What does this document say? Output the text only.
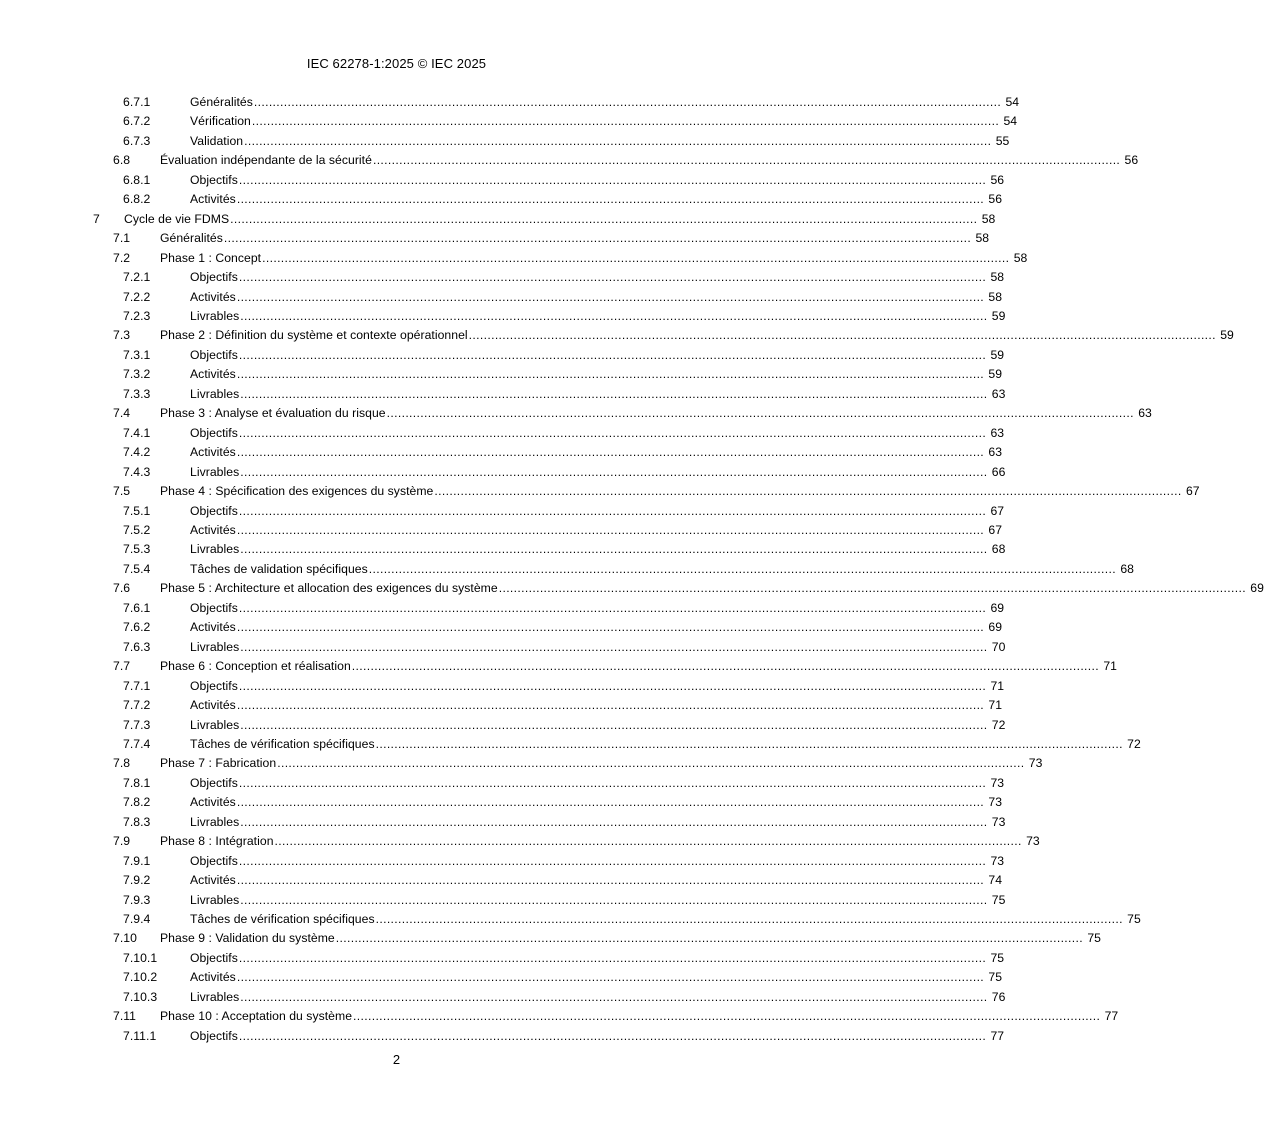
IEC 62278-1:2025 © IEC 2025
6.7.1	Généralités ........................................................................................................................................................................................................ 54
6.7.2	Vérification ........................................................................................................................................................................................................ 54
6.7.3	Validation ........................................................................................................................................................................................................ 55
6.8 Évaluation indépendante de la sécurité ........................................................................................................................................................................................................ 56
6.8.1	Objectifs ........................................................................................................................................................................................................ 56
6.8.2	Activités ........................................................................................................................................................................................................ 56
7 Cycle de vie FDMS ........................................................................................................................................................................................................ 58
7.1 Généralités ........................................................................................................................................................................................................ 58
7.2 Phase 1 : Concept ........................................................................................................................................................................................................ 58
7.2.1	Objectifs ........................................................................................................................................................................................................ 58
7.2.2	Activités ........................................................................................................................................................................................................ 58
7.2.3	Livrables ........................................................................................................................................................................................................ 59
7.3 Phase 2 : Définition du système et contexte opérationnel ........................................................................................................................................................................................................ 59
7.3.1	Objectifs ........................................................................................................................................................................................................ 59
7.3.2	Activités ........................................................................................................................................................................................................ 59
7.3.3	Livrables ........................................................................................................................................................................................................ 63
7.4 Phase 3 : Analyse et évaluation du risque ........................................................................................................................................................................................................ 63
7.4.1	Objectifs ........................................................................................................................................................................................................ 63
7.4.2	Activités ........................................................................................................................................................................................................ 63
7.4.3	Livrables ........................................................................................................................................................................................................ 66
7.5 Phase 4 : Spécification des exigences du système ........................................................................................................................................................................................................ 67
7.5.1	Objectifs ........................................................................................................................................................................................................ 67
7.5.2	Activités ........................................................................................................................................................................................................ 67
7.5.3	Livrables ........................................................................................................................................................................................................ 68
7.5.4	Tâches de validation spécifiques ........................................................................................................................................................................................................ 68
7.6 Phase 5 : Architecture et allocation des exigences du système ........................................................................................................................................................................................................ 69
7.6.1	Objectifs ........................................................................................................................................................................................................ 69
7.6.2	Activités ........................................................................................................................................................................................................ 69
7.6.3	Livrables ........................................................................................................................................................................................................ 70
7.7 Phase 6 : Conception et réalisation ........................................................................................................................................................................................................ 71
7.7.1	Objectifs ........................................................................................................................................................................................................ 71
7.7.2	Activités ........................................................................................................................................................................................................ 71
7.7.3	Livrables ........................................................................................................................................................................................................ 72
7.7.4	Tâches de vérification spécifiques ........................................................................................................................................................................................................ 72
7.8 Phase 7 : Fabrication ........................................................................................................................................................................................................ 73
7.8.1	Objectifs ........................................................................................................................................................................................................ 73
7.8.2	Activités ........................................................................................................................................................................................................ 73
7.8.3	Livrables ........................................................................................................................................................................................................ 73
7.9 Phase 8 : Intégration ........................................................................................................................................................................................................ 73
7.9.1	Objectifs ........................................................................................................................................................................................................ 73
7.9.2	Activités ........................................................................................................................................................................................................ 74
7.9.3	Livrables ........................................................................................................................................................................................................ 75
7.9.4	Tâches de vérification spécifiques ........................................................................................................................................................................................................ 75
7.10 Phase 9 : Validation du système ........................................................................................................................................................................................................ 75
7.10.1	Objectifs ........................................................................................................................................................................................................ 75
7.10.2	Activités ........................................................................................................................................................................................................ 75
7.10.3	Livrables ........................................................................................................................................................................................................ 76
7.11 Phase 10 : Acceptation du système ........................................................................................................................................................................................................ 77
7.11.1	Objectifs ........................................................................................................................................................................................................ 77
2
